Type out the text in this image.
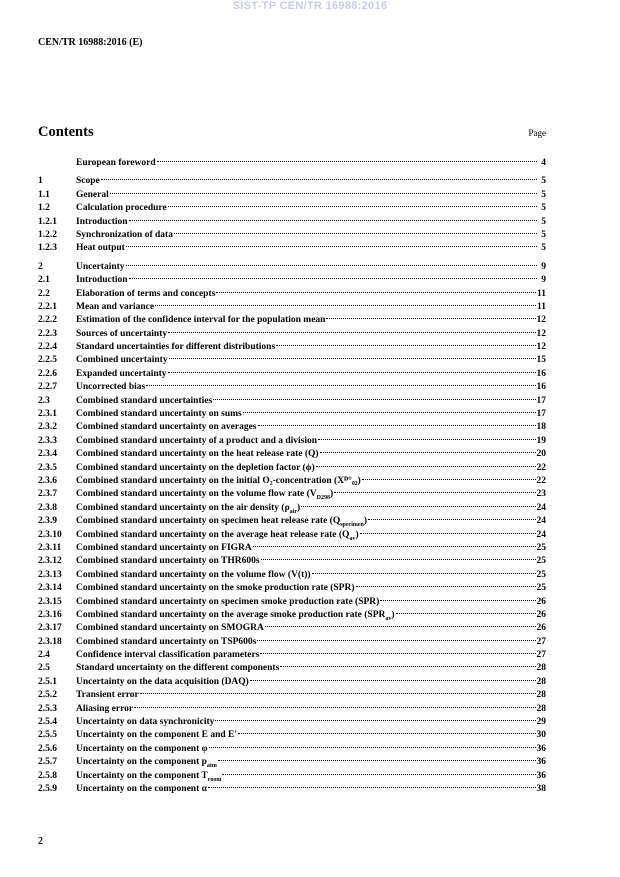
SIST-TP CEN/TR 16988:2016
CEN/TR 16988:2016 (E)
Contents	Page
European foreword	4
1	Scope	5
1.1	General	5
1.2	Calculation procedure	5
1.2.1	Introduction	5
1.2.2	Synchronization of data	5
1.2.3	Heat output	5
2	Uncertainty	9
2.1	Introduction	9
2.2	Elaboration of terms and concepts	11
2.2.1	Mean and variance	11
2.2.2	Estimation of the confidence interval for the population mean	12
2.2.3	Sources of uncertainty	12
2.2.4	Standard uncertainties for different distributions	12
2.2.5	Combined uncertainty	15
2.2.6	Expanded uncertainty	16
2.2.7	Uncorrected bias	16
2.3	Combined standard uncertainties	17
2.3.1	Combined standard uncertainty on sums	17
2.3.2	Combined standard uncertainty on averages	18
2.3.3	Combined standard uncertainty of a product and a division	19
2.3.4	Combined standard uncertainty on the heat release rate (Q)	20
2.3.5	Combined standard uncertainty on the depletion factor (ϕ)	22
2.3.6	Combined standard uncertainty on the initial O₂-concentration (Xᴰ°₀₂)	22
2.3.7	Combined standard uncertainty on the volume flow rate $(V_{D298})$	23
2.3.8	Combined standard uncertainty on the air density $(\rho_{air})$	24
2.3.9	Combined standard uncertainty on specimen heat release rate $(Q_{specimen})$	24
2.3.10	Combined standard uncertainty on the average heat release rate $(Q_{av})$	24
2.3.11	Combined standard uncertainty on FIGRA	25
2.3.12	Combined standard uncertainty on THR600s	25
2.3.13	Combined standard uncertainty on the volume flow (V(t))	25
2.3.14	Combined standard uncertainty on the smoke production rate (SPR)	25
2.3.15	Combined standard uncertainty on specimen smoke production rate (SPR)	26
2.3.16	Combined standard uncertainty on the average smoke production rate $(SPR_{av})$	26
2.3.17	Combined standard uncertainty on SMOGRA	26
2.3.18	Combined standard uncertainty on TSP600s	27
2.4	Confidence interval classification parameters	27
2.5	Standard uncertainty on the different components	28
2.5.1	Uncertainty on the data acquisition (DAQ)	28
2.5.2	Transient error	28
2.5.3	Aliasing error	28
2.5.4	Uncertainty on data synchronicity	29
2.5.5	Uncertainty on the component E and E'	30
2.5.6	Uncertainty on the component φ	36
2.5.7	Uncertainty on the component $p_{atm}$	36
2.5.8	Uncertainty on the component $T_{room}$	36
2.5.9	Uncertainty on the component α	38
2
